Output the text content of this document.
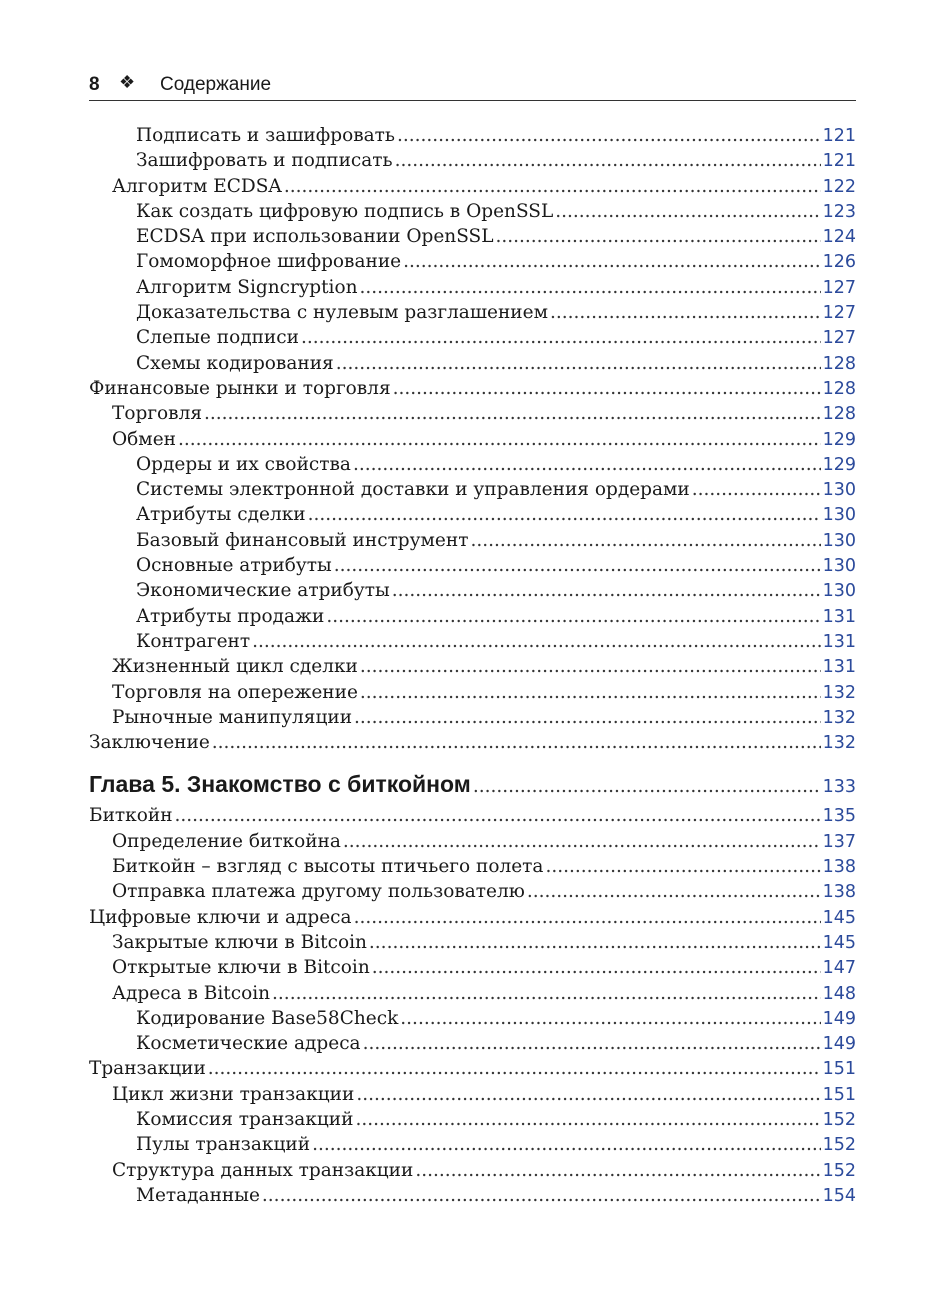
8 ❖ Содержание
Подписать и зашифровать .....	121
Зашифровать и подписать .....	121
Алгоритм ECDSA .....	122
Как создать цифровую подпись в OpenSSL .....	123
ECDSA при использовании OpenSSL .....	124
Гомоморфное шифрование .....	126
Алгоритм Signcryption .....	127
Доказательства с нулевым разглашением .....	127
Слепые подписи .....	127
Схемы кодирования .....	128
Финансовые рынки и торговля .....	128
Торговля .....	128
Обмен .....	129
Ордеры и их свойства .....	129
Системы электронной доставки и управления ордерами .....	130
Атрибуты сделки .....	130
Базовый финансовый инструмент .....	130
Основные атрибуты .....	130
Экономические атрибуты .....	130
Атрибуты продажи .....	131
Контрагент .....	131
Жизненный цикл сделки .....	131
Торговля на опережение .....	132
Рыночные манипуляции .....	132
Заключение .....	132
Глава 5. Знакомство с биткойном .....	133
Биткойн .....	135
Определение биткойна .....	137
Биткойн – взгляд с высоты птичьего полета .....	138
Отправка платежа другому пользователю .....	138
Цифровые ключи и адреса .....	145
Закрытые ключи в Bitcoin .....	145
Открытые ключи в Bitcoin .....	147
Адреса в Bitcoin .....	148
Кодирование Base58Check .....	149
Косметические адреса .....	149
Транзакции .....	151
Цикл жизни транзакции .....	151
Комиссия транзакций .....	152
Пулы транзакций .....	152
Структура данных транзакции .....	152
Метаданные .....	154
